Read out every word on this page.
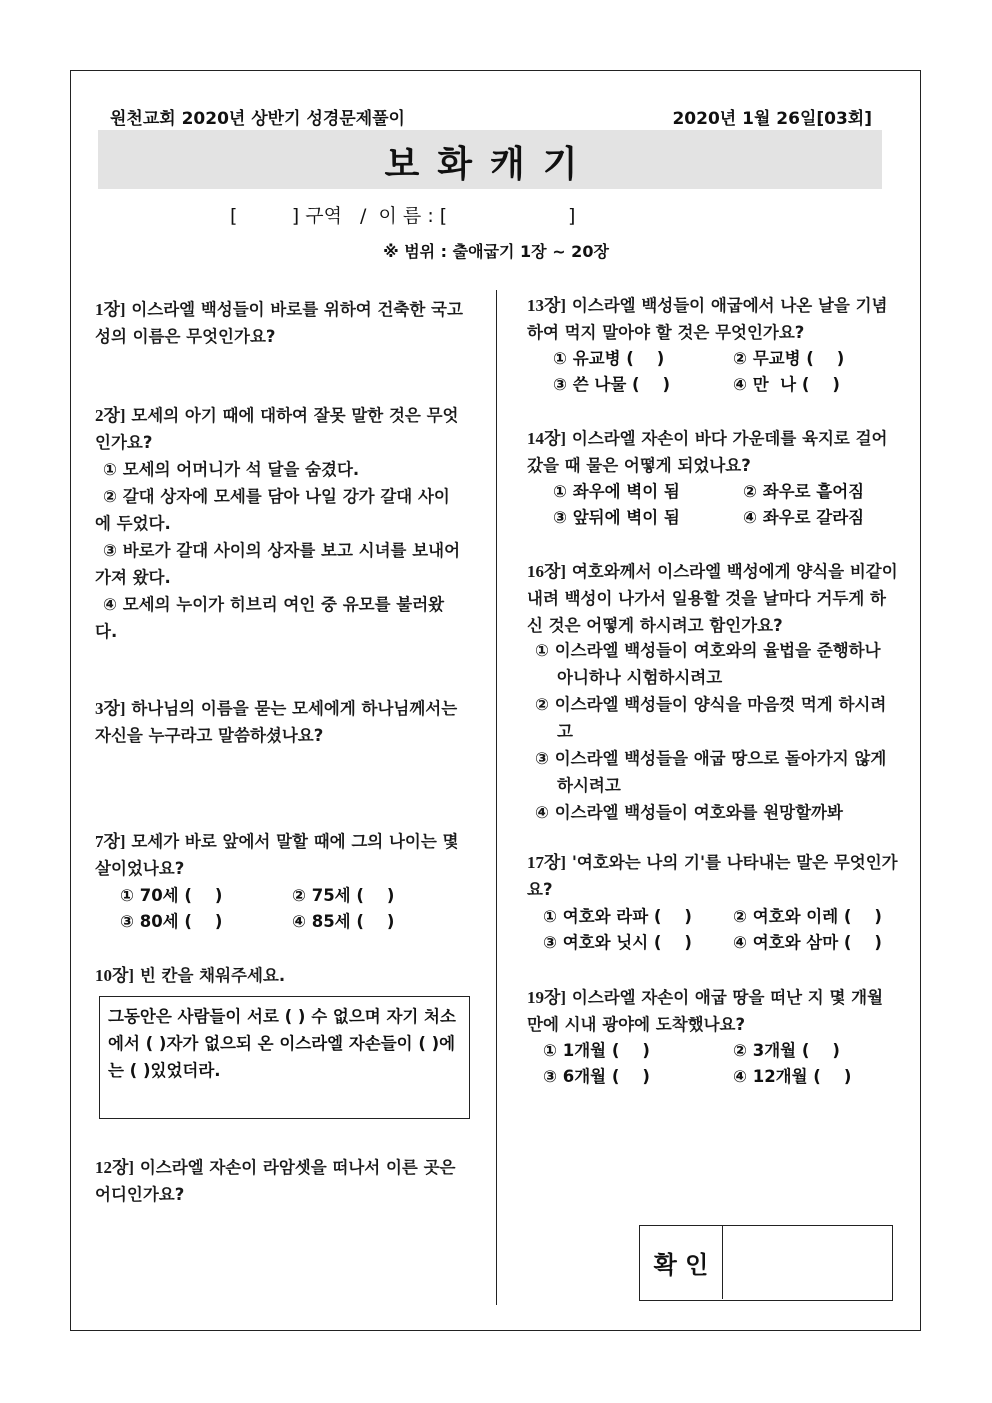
원천교회 2020년 상반기 성경문제풀이	2020년 1월 26일[03회]
보화캐기
[         ] 구역   /  이 름 : [                    ]
※ 범위 : 출애굽기 1장 ~ 20장
1장] 이스라엘 백성들이 바로를 위하여 건축한 국고성의 이름은 무엇인가요?
2장] 모세의 아기 때에 대하여 잘못 말한 것은 무엇인가요?
① 모세의 어머니가 석 달을 숨겼다.
② 갈대 상자에 모세를 담아 나일 강가 갈대 사이에 두었다.
③ 바로가 갈대 사이의 상자를 보고 시녀를 보내어 가져 왔다.
④ 모세의 누이가 히브리 여인 중 유모를 불러왔다.
3장] 하나님의 이름을 묻는 모세에게 하나님께서는 자신을 누구라고 말씀하셨나요?
7장] 모세가 바로 앞에서 말할 때에 그의 나이는 몇 살이었나요?
① 70세 (    )	② 75세 (    )
③ 80세 (    )	④ 85세 (    )
10장] 빈 칸을 채워주세요.
그동안은 사람들이 서로 ( ) 수 없으며 자기 처소에서 ( )자가 없으되 온 이스라엘 자손들이 ( )에는 ( )있었더라.
12장] 이스라엘 자손이 라암셋을 떠나서 이른 곳은 어디인가요?
13장] 이스라엘 백성들이 애굽에서 나온 날을 기념하여 먹지 말아야 할 것은 무엇인가요?
① 유교병 (    )	② 무교병 (    )
③ 쓴 나물 (    )	④ 만  나 (    )
14장] 이스라엘 자손이 바다 가운데를 육지로 걸어갔을 때 물은 어떻게 되었나요?
① 좌우에 벽이 됨	② 좌우로 흩어짐
③ 앞뒤에 벽이 됨	④ 좌우로 갈라짐
16장] 여호와께서 이스라엘 백성에게 양식을 비같이 내려 백성이 나가서 일용할 것을 날마다 거두게 하신 것은 어떻게 하시려고 함인가요?
① 이스라엘 백성들이 여호와의 율법을 준행하나 아니하나 시험하시려고
② 이스라엘 백성들이 양식을 마음껏 먹게 하시려고
③ 이스라엘 백성들을 애굽 땅으로 돌아가지 않게 하시려고
④ 이스라엘 백성들이 여호와를 원망할까봐
17장] '여호와는 나의 기'를 나타내는 말은 무엇인가요?
① 여호와 라파 (    ) ② 여호와 이레 (    )
③ 여호와 닛시 (    ) ④ 여호와 삼마 (    )
19장] 이스라엘 자손이 애굽 땅을 떠난 지 몇 개월 만에 시내 광야에 도착했나요?
① 1개월 (    )	② 3개월 (    )
③ 6개월 (    )	④ 12개월 (    )
확 인
